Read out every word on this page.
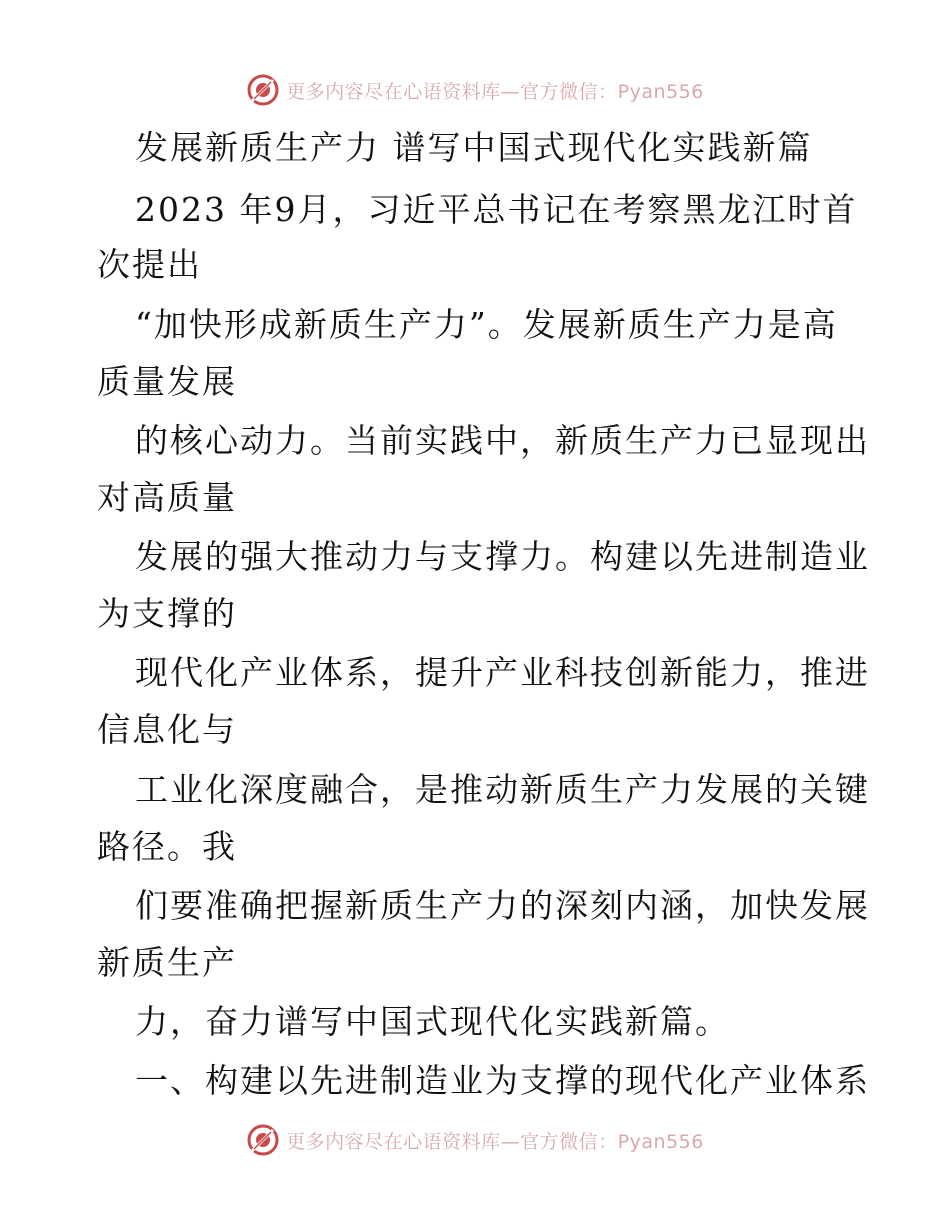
更多内容尽在心语资料库—官方微信：Pyan556
发展新质生产力 谱写中国式现代化实践新篇
2023 年9月，习近平总书记在考察黑龙江时首
次提出
“加快形成新质生产力”。发展新质生产力是高
质量发展
的核心动力。当前实践中，新质生产力已显现出
对高质量
发展的强大推动力与支撑力。构建以先进制造业
为支撑的
现代化产业体系，提升产业科技创新能力，推进
信息化与
工业化深度融合，是推动新质生产力发展的关键
路径。我
们要准确把握新质生产力的深刻内涵，加快发展
新质生产
力，奋力谱写中国式现代化实践新篇。
一、构建以先进制造业为支撑的现代化产业体系
更多内容尽在心语资料库—官方微信：Pyan556
